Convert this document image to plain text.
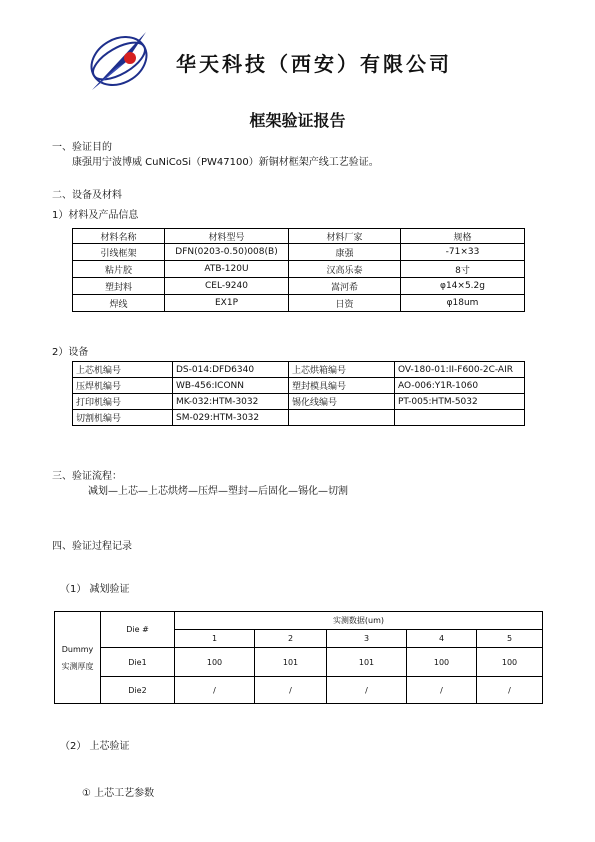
华天科技（西安）有限公司
框架验证报告
一、验证目的
康强用宁波博威 CuNiCoSi（PW47100）新铜材框架产线工艺验证。
二、设备及材料
1）材料及产品信息
材料名称	材料型号	材料厂家	规格
引线框架	DFN(0203-0.50)008(B)	康强	-71×33
粘片胶	ATB-120U	汉高乐泰	8寸
塑封料	CEL-9240	嵩河希	φ14×5.2g
焊线	EX1P	日资	φ18um
2）设备
上芯机编号	DS-014:DFD6340	上芯烘箱编号	OV-180-01:II-F600-2C-AIR
压焊机编号	WB-456:ICONN	塑封模具编号	AO-006:Y1R-1060
打印机编号	MK-032:HTM-3032	锡化线编号	PT-005:HTM-5032
切割机编号	SM-029:HTM-3032		
三、验证流程：
减划—上芯—上芯烘烤—压焊—塑封—后固化—锡化—切割
四、验证过程记录
（1） 减划验证
Dummy 实测厚度	Die #	实测数据(um)				
		1	2	3	4	5
	Die1	100	101	101	100	100
	Die2	/	/	/	/	/
（2） 上芯验证
① 上芯工艺参数
